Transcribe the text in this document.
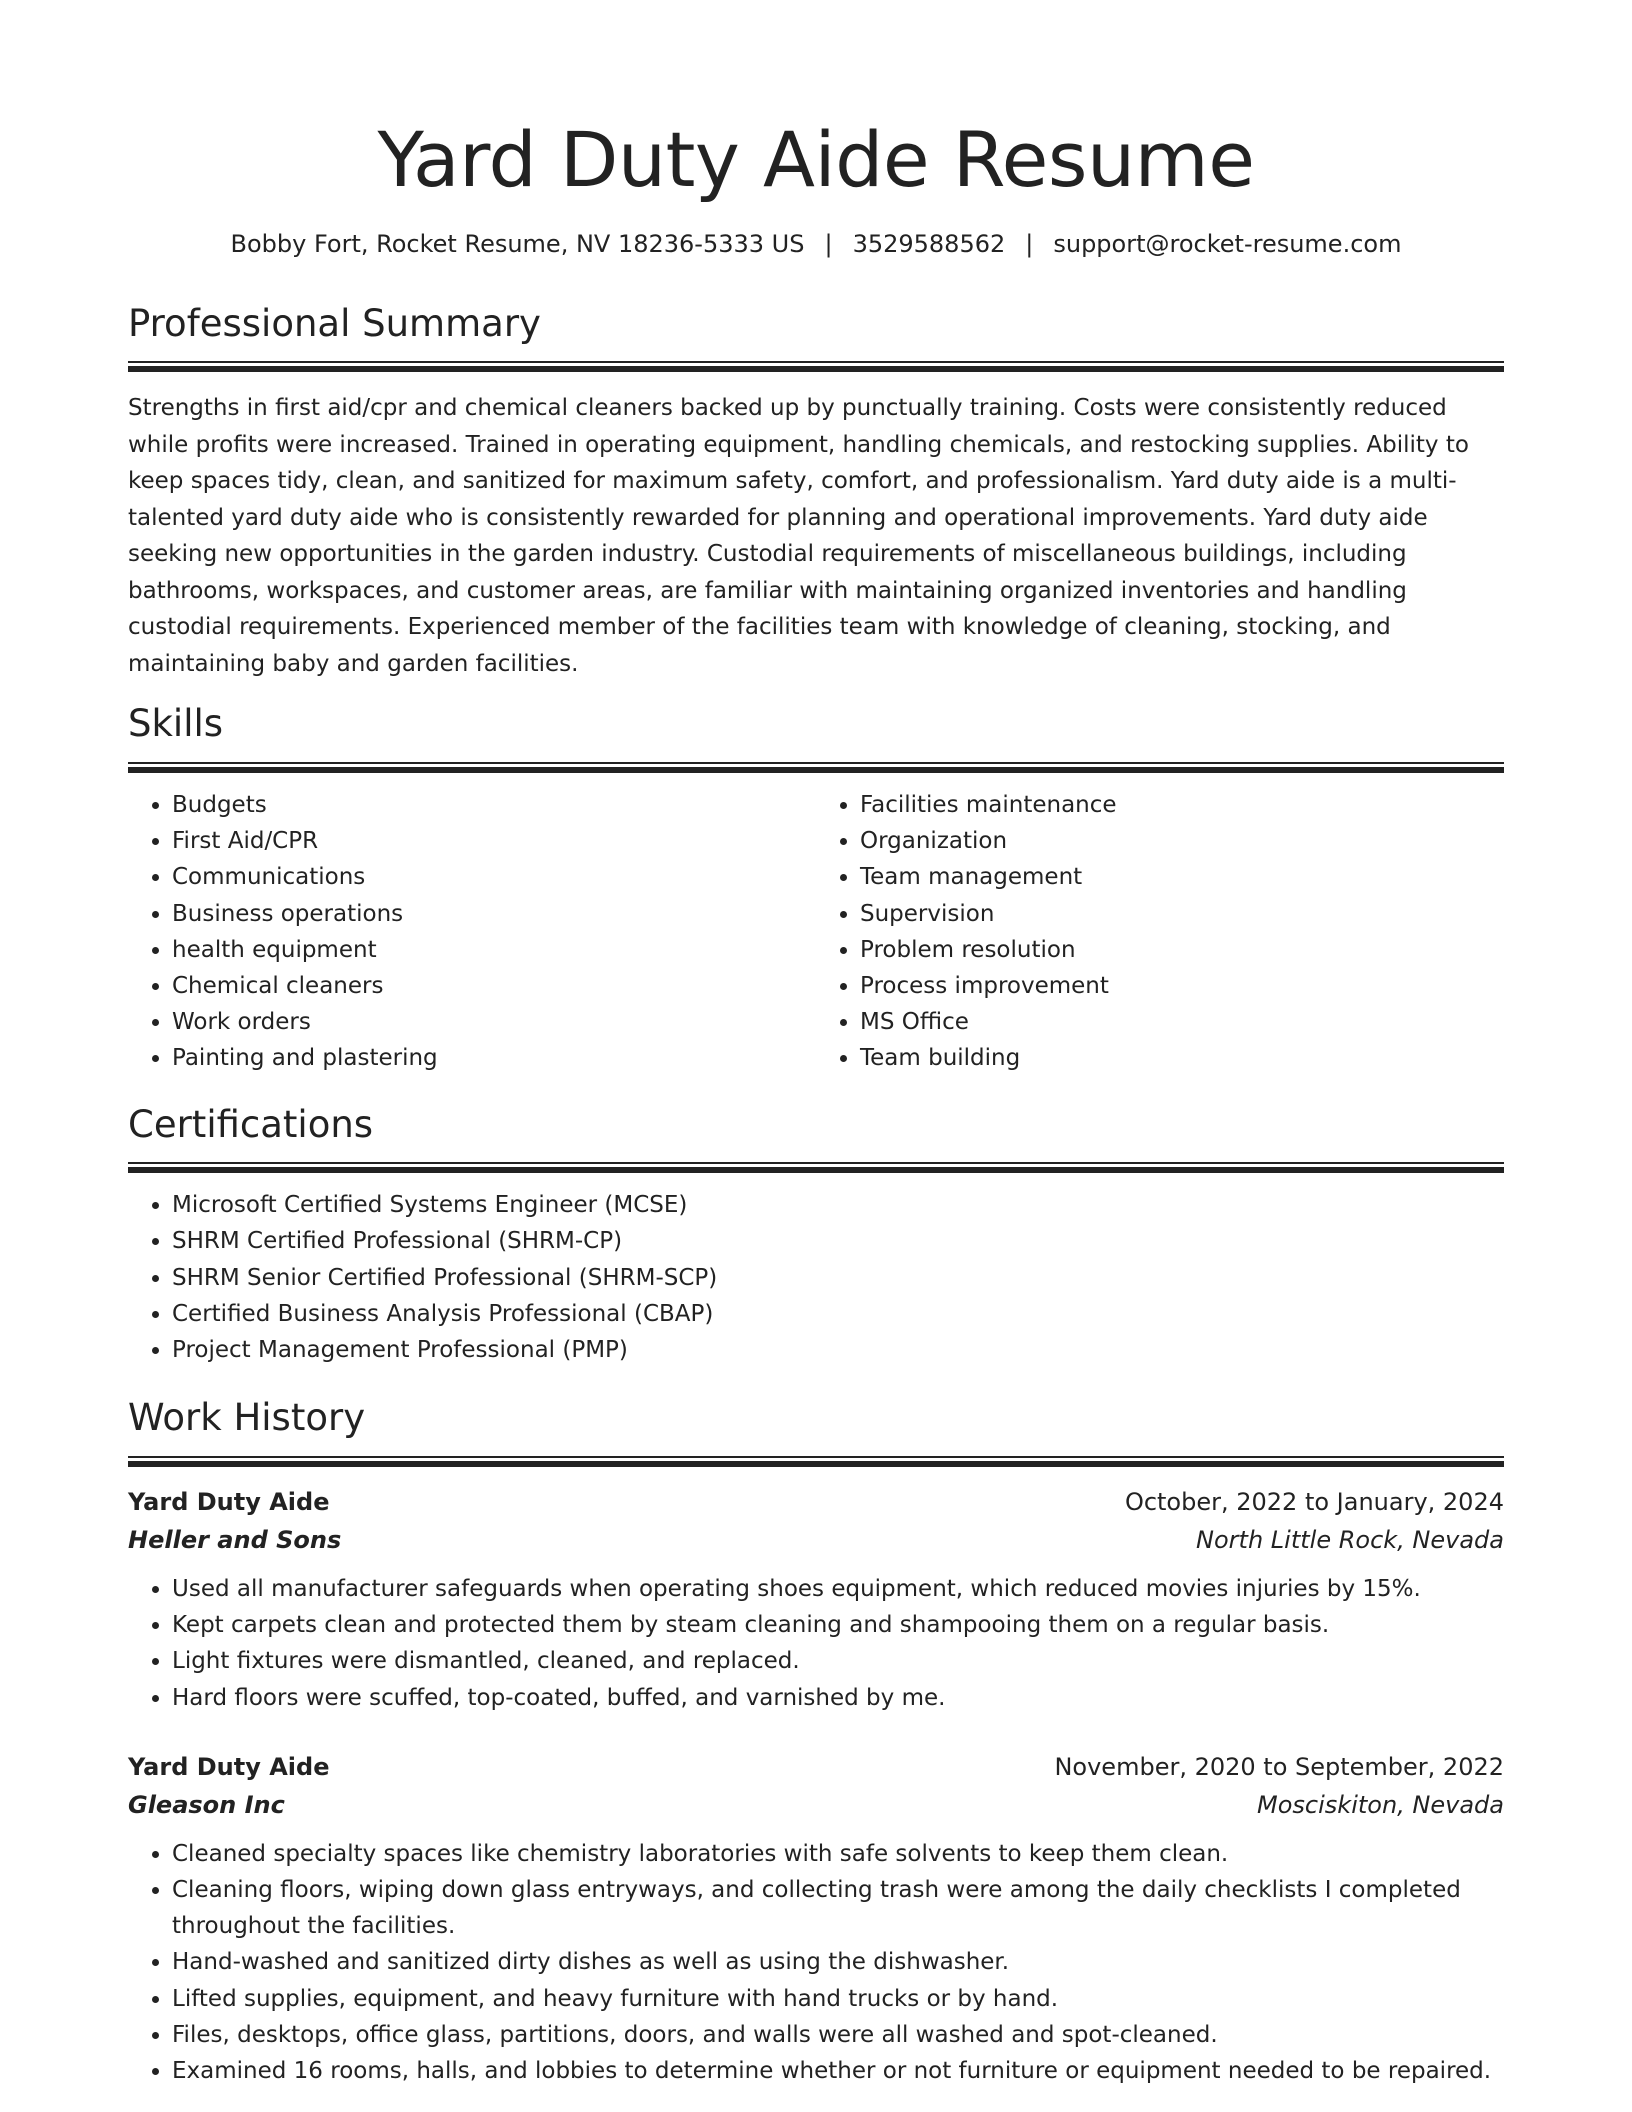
Yard Duty Aide Resume
Bobby Fort, Rocket Resume, NV 18236-5333 US | 3529588562 | support@rocket-resume.com
Professional Summary

Strengths in first aid/cpr and chemical cleaners backed up by punctually training. Costs were consistently reduced while profits were increased. Trained in operating equipment, handling chemicals, and restocking supplies. Ability to keep spaces tidy, clean, and sanitized for maximum safety, comfort, and professionalism. Yard duty aide is a multi-talented yard duty aide who is consistently rewarded for planning and operational improvements. Yard duty aide seeking new opportunities in the garden industry. Custodial requirements of miscellaneous buildings, including bathrooms, workspaces, and customer areas, are familiar with maintaining organized inventories and handling custodial requirements. Experienced member of the facilities team with knowledge of cleaning, stocking, and maintaining baby and garden facilities.

Skills
• Budgets
• First Aid/CPR
• Communications
• Business operations
• health equipment
• Chemical cleaners
• Work orders
• Painting and plastering
• Facilities maintenance
• Organization
• Team management
• Supervision
• Problem resolution
• Process improvement
• MS Office
• Team building
Certifications
• Microsoft Certified Systems Engineer (MCSE)
• SHRM Certified Professional (SHRM-CP)
• SHRM Senior Certified Professional (SHRM-SCP)
• Certified Business Analysis Professional (CBAP)
• Project Management Professional (PMP)
Work History
Yard Duty Aide	October, 2022 to January, 2024
Heller and Sons	North Little Rock, Nevada
• Used all manufacturer safeguards when operating shoes equipment, which reduced movies injuries by 15%.
• Kept carpets clean and protected them by steam cleaning and shampooing them on a regular basis.
• Light fixtures were dismantled, cleaned, and replaced.
• Hard floors were scuffed, top-coated, buffed, and varnished by me.
Yard Duty Aide	November, 2020 to September, 2022
Gleason Inc	Mosciskiton, Nevada
• Cleaned specialty spaces like chemistry laboratories with safe solvents to keep them clean.
• Cleaning floors, wiping down glass entryways, and collecting trash were among the daily checklists I completed throughout the facilities.
• Hand-washed and sanitized dirty dishes as well as using the dishwasher.
• Lifted supplies, equipment, and heavy furniture with hand trucks or by hand.
• Files, desktops, office glass, partitions, doors, and walls were all washed and spot-cleaned.
• Examined 16 rooms, halls, and lobbies to determine whether or not furniture or equipment needed to be repaired.
